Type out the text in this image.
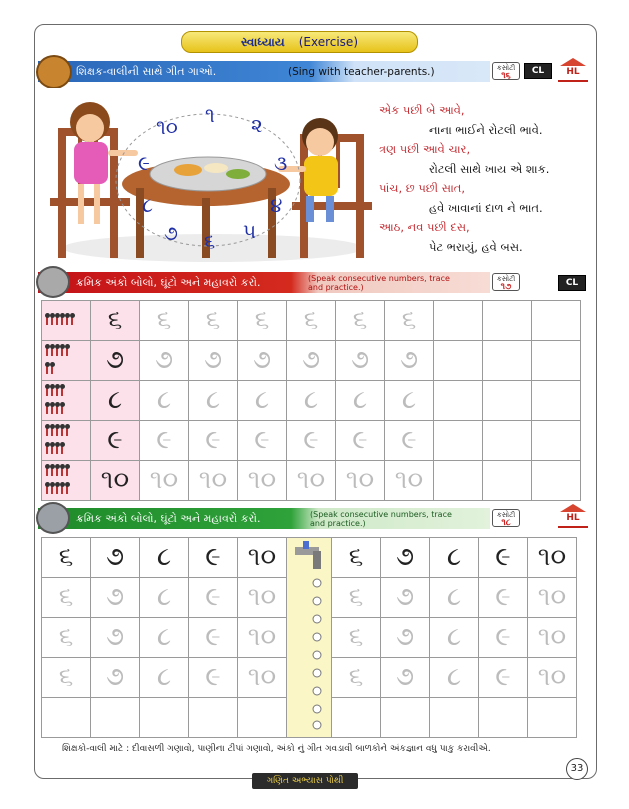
સ્વાધ્યાય (Exercise)
શિક્ષક-વાલીની સાથે ગીત ગાઓ.	(Sing with teacher-parents.)	કસોટી
૧૬	CL	HL
૧ ૨
૩
૪
૫
૬
૭
૮
૯
૧૦
એક પછી બે આવે,
નાના ભાઈને રોટલી ભાવે.
ત્રણ પછી આવે ચાર,
રોટલી સાથે ખાય એ શાક.
પાંચ, છ પછી સાત,
હવે ખાવાનાં દાળ ને ભાત.
આઠ, નવ પછી દસ,
પેટ ભરાયું, હવે બસ.
ક્રમિક અંકો બોલો, ઘૂંટો અને મહાવરો કરો.	(Speak consecutive numbers, trace and practice.)
કસોટી
૧૭	CL
	૬	૬	૬	૬	૬	૬	૬			

	૭	૭	૭	૭	૭	૭	૭			

	૮	૮	૮	૮	૮	૮	૮			

	૯	૯	૯	૯	૯	૯	૯			

	૧૦	૧૦	૧૦	૧૦	૧૦	૧૦	૧૦			
ક્રમિક અંકો બોલો, ઘૂંટો અને મહાવરો કરો.	(Speak consecutive numbers, trace and practice.)
કસોટી
૧૮	HL
૬	૭	૮	૯	૧૦		૬	૭	૮	૯	૧૦
૬	૭	૮	૯	૧૦		૬	૭	૮	૯	૧૦
૬	૭	૮	૯	૧૦		૬	૭	૮	૯	૧૦
૬	૭	૮	૯	૧૦		૬	૭	૮	૯	૧૦

શિક્ષકો-વાલી માટે : દીવાસળી ગણાવો, પાણીના ટીપાં ગણાવો, અંકો નું ગીત ગવડાવી બાળકોને અંકજ્ઞાન વધુ પાકુ કરાવીએ.
33
ગણિત અભ્યાસ પોથી
